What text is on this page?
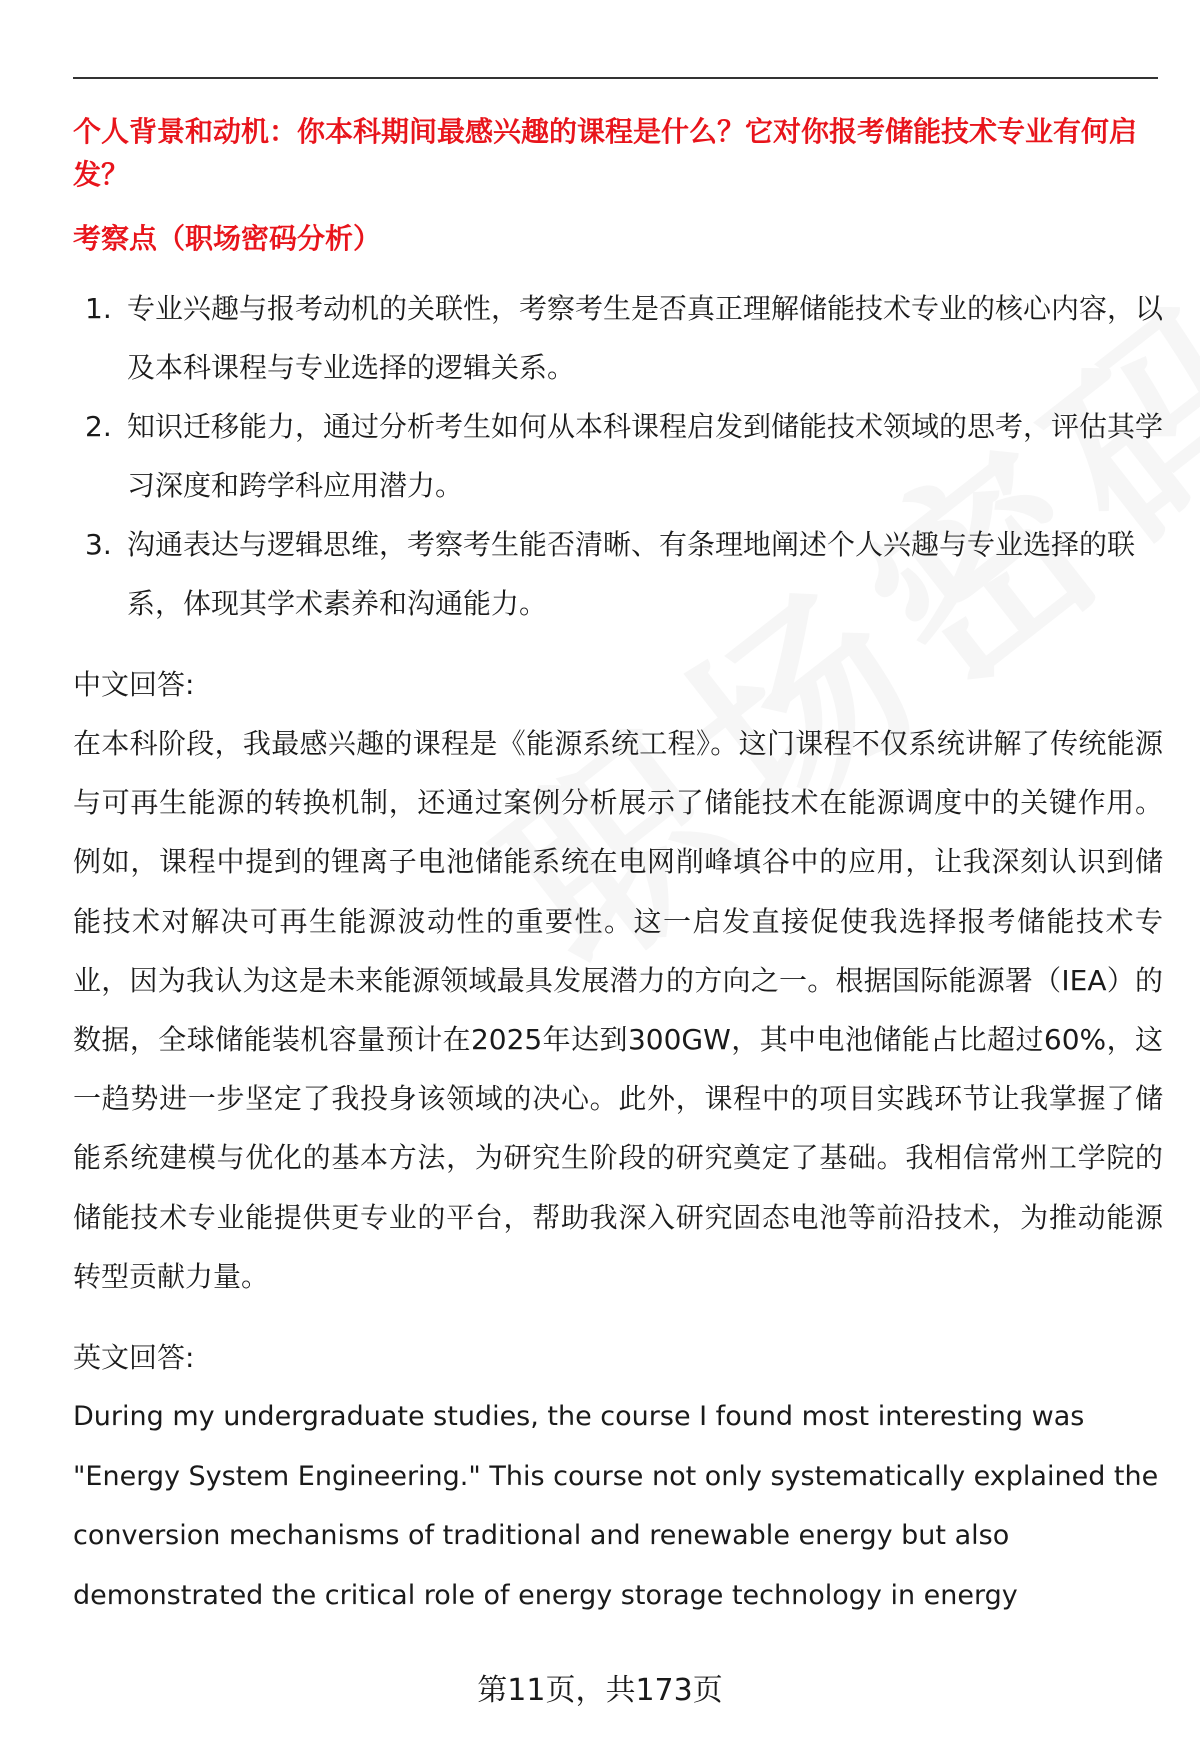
个人背景和动机：你本科期间最感兴趣的课程是什么？它对你报考储能技术专业有何启发？

考察点（职场密码分析）

1. 专业兴趣与报考动机的关联性，考察考生是否真正理解储能技术专业的核心内容，以及本科课程与专业选择的逻辑关系。
2. 知识迁移能力，通过分析考生如何从本科课程启发到储能技术领域的思考，评估其学习深度和跨学科应用潜力。
3. 沟通表达与逻辑思维，考察考生能否清晰、有条理地阐述个人兴趣与专业选择的联系，体现其学术素养和沟通能力。

中文回答:

在本科阶段，我最感兴趣的课程是《能源系统工程》。这门课程不仅系统讲解了传统能源与可再生能源的转换机制，还通过案例分析展示了储能技术在能源调度中的关键作用。例如，课程中提到的锂离子电池储能系统在电网削峰填谷中的应用，让我深刻认识到储能技术对解决可再生能源波动性的重要性。这一启发直接促使我选择报考储能技术专业，因为我认为这是未来能源领域最具发展潜力的方向之一。根据国际能源署（IEA）的数据，全球储能装机容量预计在2025年达到300GW，其中电池储能占比超过60%，这一趋势进一步坚定了我投身该领域的决心。此外，课程中的项目实践环节让我掌握了储能系统建模与优化的基本方法，为研究生阶段的研究奠定了基础。我相信常州工学院的储能技术专业能提供更专业的平台，帮助我深入研究固态电池等前沿技术，为推动能源转型贡献力量。

英文回答:

During my undergraduate studies, the course I found most interesting was "Energy System Engineering." This course not only systematically explained the conversion mechanisms of traditional and renewable energy but also demonstrated the critical role of energy storage technology in energy

第11页，共173页
